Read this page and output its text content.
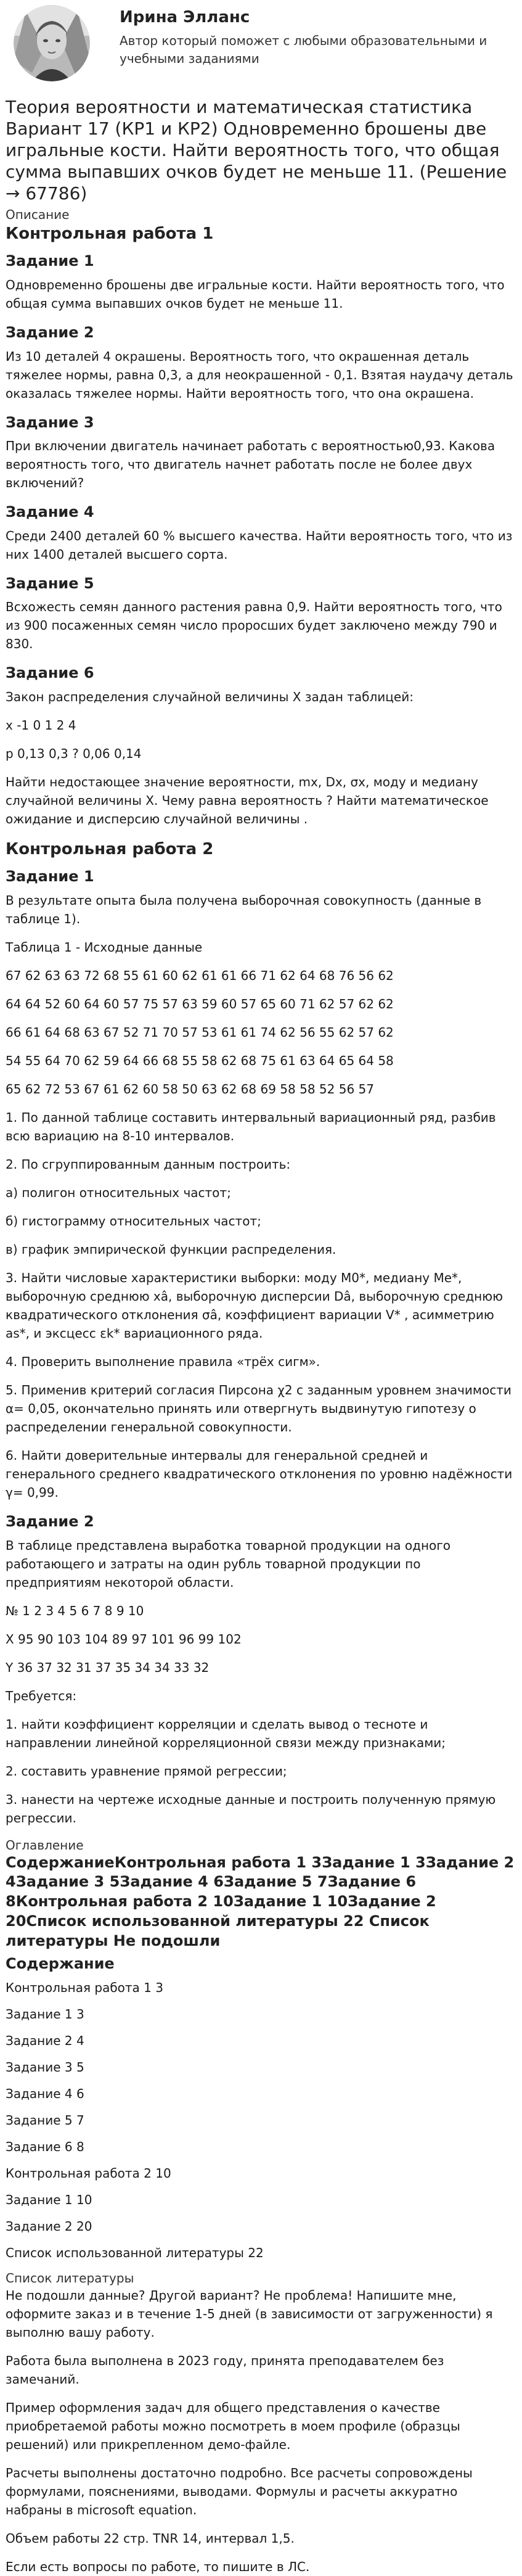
Ирина Элланс
Автор который поможет с любыми образовательными и учебными заданиями
Теория вероятности и математическая статистика Вариант 17 (КР1 и КР2) Одновременно брошены две игральные кости. Найти вероятность того, что общая сумма выпавших очков будет не меньше 11. (Решение → 67786)
Описание
Контрольная работа 1
Задание 1

Одновременно брошены две игральные кости. Найти вероятность того, что общая сумма выпавших очков будет не меньше 11.

Задание 2

Из 10 деталей 4 окрашены. Вероятность того, что окрашенная деталь тяжелее нормы, равна 0,3, а для неокрашенной - 0,1. Взятая наудачу деталь оказалась тяжелее нормы. Найти вероятность того, что она окрашена.

Задание 3

При включении двигатель начинает работать с вероятностью0,93. Какова вероятность того, что двигатель начнет работать после не более двух включений?

Задание 4

Среди 2400 деталей 60 % высшего качества. Найти вероятность того, что из них 1400 деталей высшего сорта.

Задание 5

Всхожесть семян данного растения равна 0,9. Найти вероятность того, что из 900 посаженных семян число проросших будет заключено между 790 и 830.

Задание 6

Закон распределения случайной величины Х задан таблицей:

х -1 0 1 2 4

р 0,13 0,3 ? 0,06 0,14

Найти недостающее значение вероятности, mx, Dx, σx, моду и медиану случайной величины Х. Чему равна вероятность ? Найти математическое ожидание и дисперсию случайной величины .

Контрольная работа 2
Задание 1

В результате опыта была получена выборочная совокупность (данные в таблице 1).

Таблица 1 - Исходные данные

67 62 63 63 72 68 55 61 60 62 61 61 66 71 62 64 68 76 56 62

64 64 52 60 64 60 57 75 57 63 59 60 57 65 60 71 62 57 62 62

66 61 64 68 63 67 52 71 70 57 53 61 61 74 62 56 55 62 57 62

54 55 64 70 62 59 64 66 68 55 58 62 68 75 61 63 64 65 64 58

65 62 72 53 67 61 62 60 58 50 63 62 68 69 58 58 52 56 57

1. По данной таблице составить интервальный вариационный ряд, разбив всю вариацию на 8-10 интервалов.

2. По сгруппированным данным построить:

а) полигон относительных частот;

б) гистограмму относительных частот;

в) график эмпирической функции распределения.

3. Найти числовые характеристики выборки: моду М0*, медиану Ме*, выборочную среднюю xâ, выборочную дисперсии Dâ, выборочную среднюю квадратического отклонения σâ, коэффициент вариации V* , асимметрию as*, и эксцесс εk* вариационного ряда.

4. Проверить выполнение правила «трёх сигм».

5. Применив критерий согласия Пирсона χ2 с заданным уровнем значимости α= 0,05, окончательно принять или отвергнуть выдвинутую гипотезу о распределении генеральной совокупности.

6. Найти доверительные интервалы для генеральной средней и генерального среднего квадратического отклонения по уровню надёжности γ= 0,99.

Задание 2

В таблице представлена выработка товарной продукции на одного работающего и затраты на один рубль товарной продукции по предприятиям некоторой области.

№ 1 2 3 4 5 6 7 8 9 10

X 95 90 103 104 89 97 101 96 99 102

Y 36 37 32 31 37 35 34 34 33 32

Требуется:

1. найти коэффициент корреляции и сделать вывод о тесноте и направлении линейной корреляционной связи между признаками;

2. составить уравнение прямой регрессии;

3. нанести на чертеже исходные данные и построить полученную прямую регрессии.

Оглавление
СодержаниеКонтрольная работа 1 3Задание 1 3Задание 2 4Задание 3 5Задание 4 6Задание 5 7Задание 6 8Контрольная работа 2 10Задание 1 10Задание 2 20Список использованной литературы 22 Список литературы Не подошли
Содержание

Контрольная работа 1 3

Задание 1 3

Задание 2 4

Задание 3 5

Задание 4 6

Задание 5 7

Задание 6 8

Контрольная работа 2 10

Задание 1 10

Задание 2 20

Список использованной литературы 22

Список литературы

Не подошли данные? Другой вариант? Не проблема! Напишите мне, оформите заказ и в течение 1-5 дней (в зависимости от загруженности) я выполню вашу работу.

Работа была выполнена в 2023 году, принята преподавателем без замечаний.

Пример оформления задач для общего представления о качестве приобретаемой работы можно посмотреть в моем профиле (образцы решений) или прикрепленном демо-файле.

Расчеты выполнены достаточно подробно. Все расчеты сопровождены формулами, пояснениями, выводами. Формулы и расчеты аккуратно набраны в microsoft equation.

Объем работы 22 стр. TNR 14, интервал 1,5.

Если есть вопросы по работе, то пишите в ЛС.
